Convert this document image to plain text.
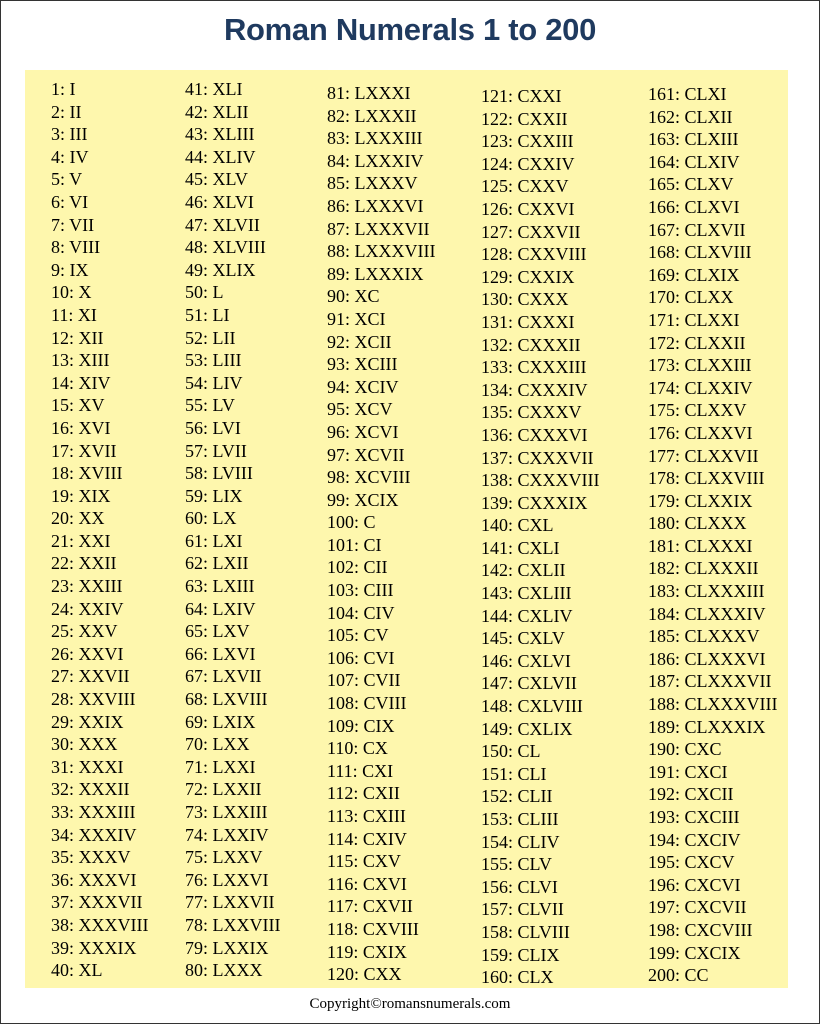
Roman Numerals 1 to 200
1: I
2: II
3: III
4: IV
5: V
6: VI
7: VII
8: VIII
9: IX
10: X
11: XI
12: XII
13: XIII
14: XIV
15: XV
16: XVI
17: XVII
18: XVIII
19: XIX
20: XX
21: XXI
22: XXII
23: XXIII
24: XXIV
25: XXV
26: XXVI
27: XXVII
28: XXVIII
29: XXIX
30: XXX
31: XXXI
32: XXXII
33: XXXIII
34: XXXIV
35: XXXV
36: XXXVI
37: XXXVII
38: XXXVIII
39: XXXIX
40: XL
41: XLI
42: XLII
43: XLIII
44: XLIV
45: XLV
46: XLVI
47: XLVII
48: XLVIII
49: XLIX
50: L
51: LI
52: LII
53: LIII
54: LIV
55: LV
56: LVI
57: LVII
58: LVIII
59: LIX
60: LX
61: LXI
62: LXII
63: LXIII
64: LXIV
65: LXV
66: LXVI
67: LXVII
68: LXVIII
69: LXIX
70: LXX
71: LXXI
72: LXXII
73: LXXIII
74: LXXIV
75: LXXV
76: LXXVI
77: LXXVII
78: LXXVIII
79: LXXIX
80: LXXX
81: LXXXI
82: LXXXII
83: LXXXIII
84: LXXXIV
85: LXXXV
86: LXXXVI
87: LXXXVII
88: LXXXVIII
89: LXXXIX
90: XC
91: XCI
92: XCII
93: XCIII
94: XCIV
95: XCV
96: XCVI
97: XCVII
98: XCVIII
99: XCIX
100: C
101: CI
102: CII
103: CIII
104: CIV
105: CV
106: CVI
107: CVII
108: CVIII
109: CIX
110: CX
111: CXI
112: CXII
113: CXIII
114: CXIV
115: CXV
116: CXVI
117: CXVII
118: CXVIII
119: CXIX
120: CXX
121: CXXI
122: CXXII
123: CXXIII
124: CXXIV
125: CXXV
126: CXXVI
127: CXXVII
128: CXXVIII
129: CXXIX
130: CXXX
131: CXXXI
132: CXXXII
133: CXXXIII
134: CXXXIV
135: CXXXV
136: CXXXVI
137: CXXXVII
138: CXXXVIII
139: CXXXIX
140: CXL
141: CXLI
142: CXLII
143: CXLIII
144: CXLIV
145: CXLV
146: CXLVI
147: CXLVII
148: CXLVIII
149: CXLIX
150: CL
151: CLI
152: CLII
153: CLIII
154: CLIV
155: CLV
156: CLVI
157: CLVII
158: CLVIII
159: CLIX
160: CLX
161: CLXI
162: CLXII
163: CLXIII
164: CLXIV
165: CLXV
166: CLXVI
167: CLXVII
168: CLXVIII
169: CLXIX
170: CLXX
171: CLXXI
172: CLXXII
173: CLXXIII
174: CLXXIV
175: CLXXV
176: CLXXVI
177: CLXXVII
178: CLXXVIII
179: CLXXIX
180: CLXXX
181: CLXXXI
182: CLXXXII
183: CLXXXIII
184: CLXXXIV
185: CLXXXV
186: CLXXXVI
187: CLXXXVII
188: CLXXXVIII
189: CLXXXIX
190: CXC
191: CXCI
192: CXCII
193: CXCIII
194: CXCIV
195: CXCV
196: CXCVI
197: CXCVII
198: CXCVIII
199: CXCIX
200: CC
Copyright©romansnumerals.com
